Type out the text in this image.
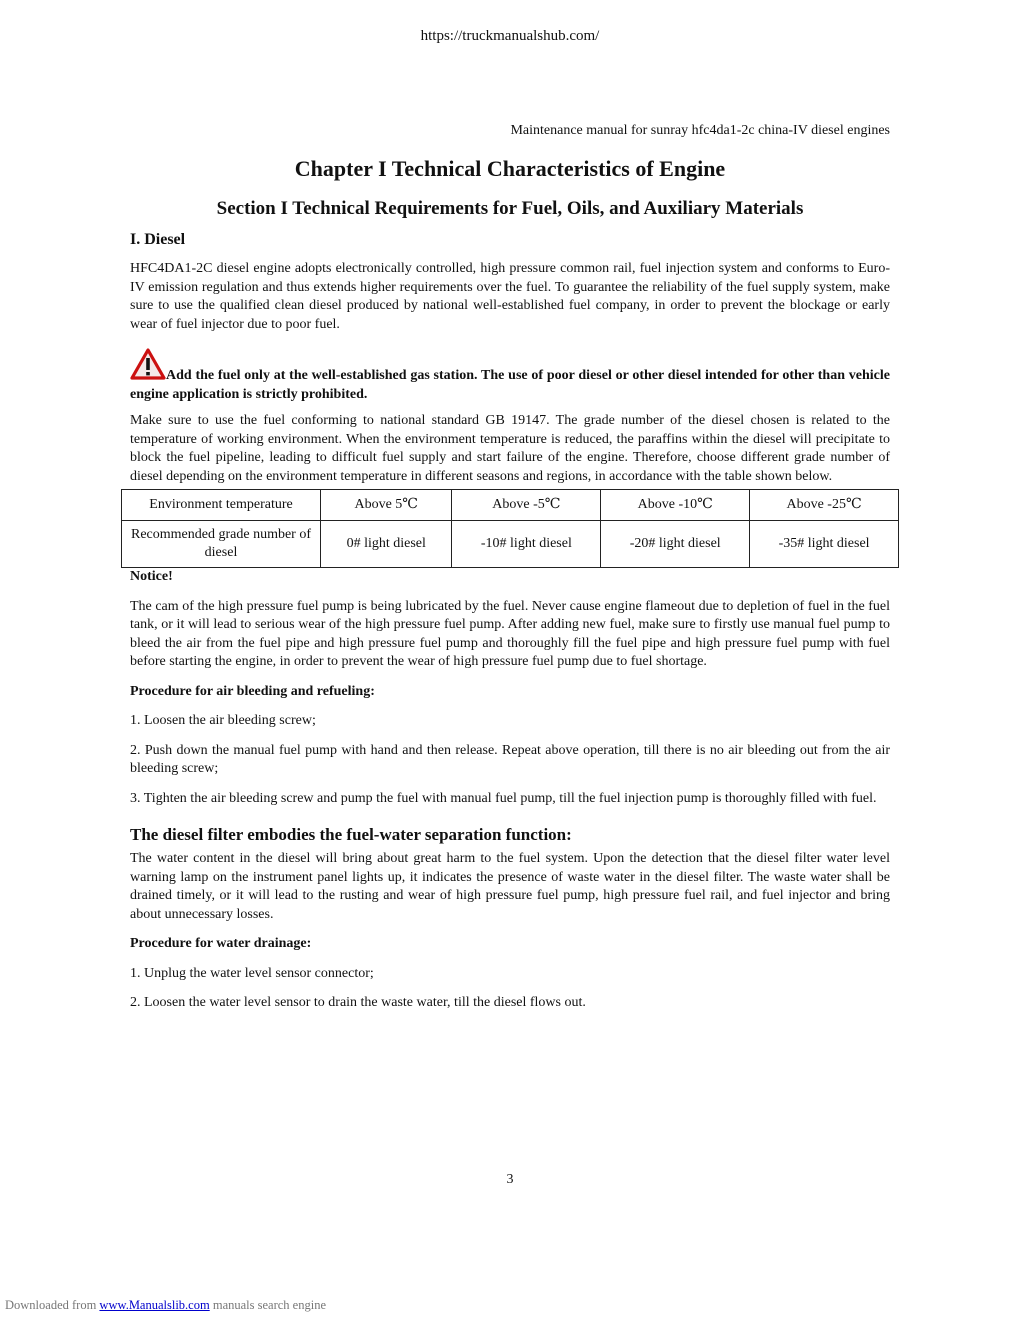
https://truckmanualshub.com/
Maintenance manual for sunray hfc4da1-2c china-IV diesel engines
Chapter I Technical Characteristics of Engine
Section I Technical Requirements for Fuel, Oils, and Auxiliary Materials
I. Diesel

HFC4DA1-2C diesel engine adopts electronically controlled, high pressure common rail, fuel injection system and conforms to Euro-IV emission regulation and thus extends higher requirements over the fuel. To guarantee the reliability of the fuel supply system, make sure to use the qualified clean diesel produced by national well-established fuel company, in order to prevent the blockage or early wear of fuel injector due to poor fuel.

Add the fuel only at the well-established gas station. The use of poor diesel or other diesel intended for other than vehicle engine application is strictly prohibited.

Make sure to use the fuel conforming to national standard GB 19147. The grade number of the diesel chosen is related to the temperature of working environment. When the environment temperature is reduced, the paraffins within the diesel will precipitate to block the fuel pipeline, leading to difficult fuel supply and start failure of the engine. Therefore, choose different grade number of diesel depending on the environment temperature in different seasons and regions, in accordance with the table shown below.

Environment temperature	Above 5℃	Above -5℃	Above -10℃	Above -25℃
Recommended grade number of diesel	0# light diesel	-10# light diesel	-20# light diesel	-35# light diesel

Notice!

The cam of the high pressure fuel pump is being lubricated by the fuel. Never cause engine flameout due to depletion of fuel in the fuel tank, or it will lead to serious wear of the high pressure fuel pump. After adding new fuel, make sure to firstly use manual fuel pump to bleed the air from the fuel pipe and high pressure fuel pump and thoroughly fill the fuel pipe and high pressure fuel pump with fuel before starting the engine, in order to prevent the wear of high pressure fuel pump due to fuel shortage.

Procedure for air bleeding and refueling:

1. Loosen the air bleeding screw;

2. Push down the manual fuel pump with hand and then release. Repeat above operation, till there is no air bleeding out from the air bleeding screw;

3. Tighten the air bleeding screw and pump the fuel with manual fuel pump, till the fuel injection pump is thoroughly filled with fuel.

The diesel filter embodies the fuel-water separation function:

The water content in the diesel will bring about great harm to the fuel system. Upon the detection that the diesel filter water level warning lamp on the instrument panel lights up, it indicates the presence of waste water in the diesel filter. The waste water shall be drained timely, or it will lead to the rusting and wear of high pressure fuel pump, high pressure fuel rail, and fuel injector and bring about unnecessary losses.

Procedure for water drainage:

1. Unplug the water level sensor connector;

2. Loosen the water level sensor to drain the waste water, till the diesel flows out.

3
Downloaded from www.Manualslib.com manuals search engine
